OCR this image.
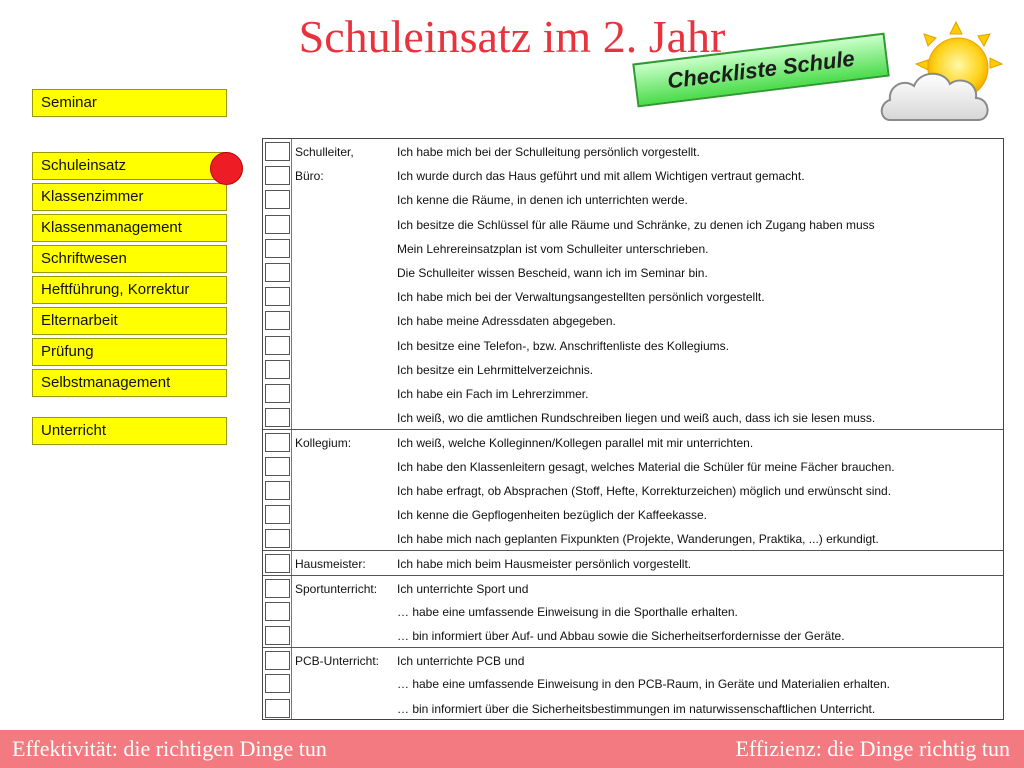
Schuleinsatz im 2. Jahr
Checkliste Schule
Seminar
Schuleinsatz
Klassenzimmer
Klassenmanagement
Schriftwesen
Heftführung, Korrektur
Elternarbeit
Prüfung
Selbstmanagement
Unterricht
Schulleiter,	Ich habe mich bei der Schulleitung persönlich vorgestellt.
Büro:	Ich wurde durch das Haus geführt und mit allem Wichtigen vertraut gemacht.
Ich kenne die Räume, in denen ich unterrichten werde.
Ich besitze die Schlüssel für alle Räume und Schränke, zu denen ich Zugang haben muss
Mein Lehrereinsatzplan ist vom Schulleiter unterschrieben.
Die Schulleiter wissen Bescheid, wann ich im Seminar bin.
Ich habe mich bei der Verwaltungsangestellten persönlich vorgestellt.
Ich habe meine Adressdaten abgegeben.
Ich besitze eine Telefon-, bzw. Anschriftenliste des Kollegiums.
Ich besitze ein Lehrmittelverzeichnis.
Ich habe ein Fach im Lehrerzimmer.
Ich weiß, wo die amtlichen Rundschreiben liegen und weiß auch, dass ich sie lesen muss.
Kollegium:	Ich weiß, welche Kolleginnen/Kollegen parallel mit mir unterrichten.
Ich habe den Klassenleitern gesagt, welches Material die Schüler für meine Fächer brauchen.
Ich habe erfragt, ob Absprachen (Stoff, Hefte, Korrekturzeichen) möglich und erwünscht sind.
Ich kenne die Gepflogenheiten bezüglich der Kaffeekasse.
Ich habe mich nach geplanten Fixpunkten (Projekte, Wanderungen, Praktika, ...) erkundigt.
Hausmeister:	Ich habe mich beim Hausmeister persönlich vorgestellt.
Sportunterricht: Ich unterrichte Sport und
… habe eine umfassende Einweisung in die Sporthalle erhalten.
… bin informiert über Auf- und Abbau sowie die Sicherheitserfordernisse der Geräte.
PCB-Unterricht: Ich unterrichte PCB und
… habe eine umfassende Einweisung in den PCB-Raum, in Geräte und Materialien erhalten.
… bin informiert über die Sicherheitsbestimmungen im naturwissenschaftlichen Unterricht.
Effektivität: die richtigen Dinge tun	Effizienz: die Dinge richtig tun
